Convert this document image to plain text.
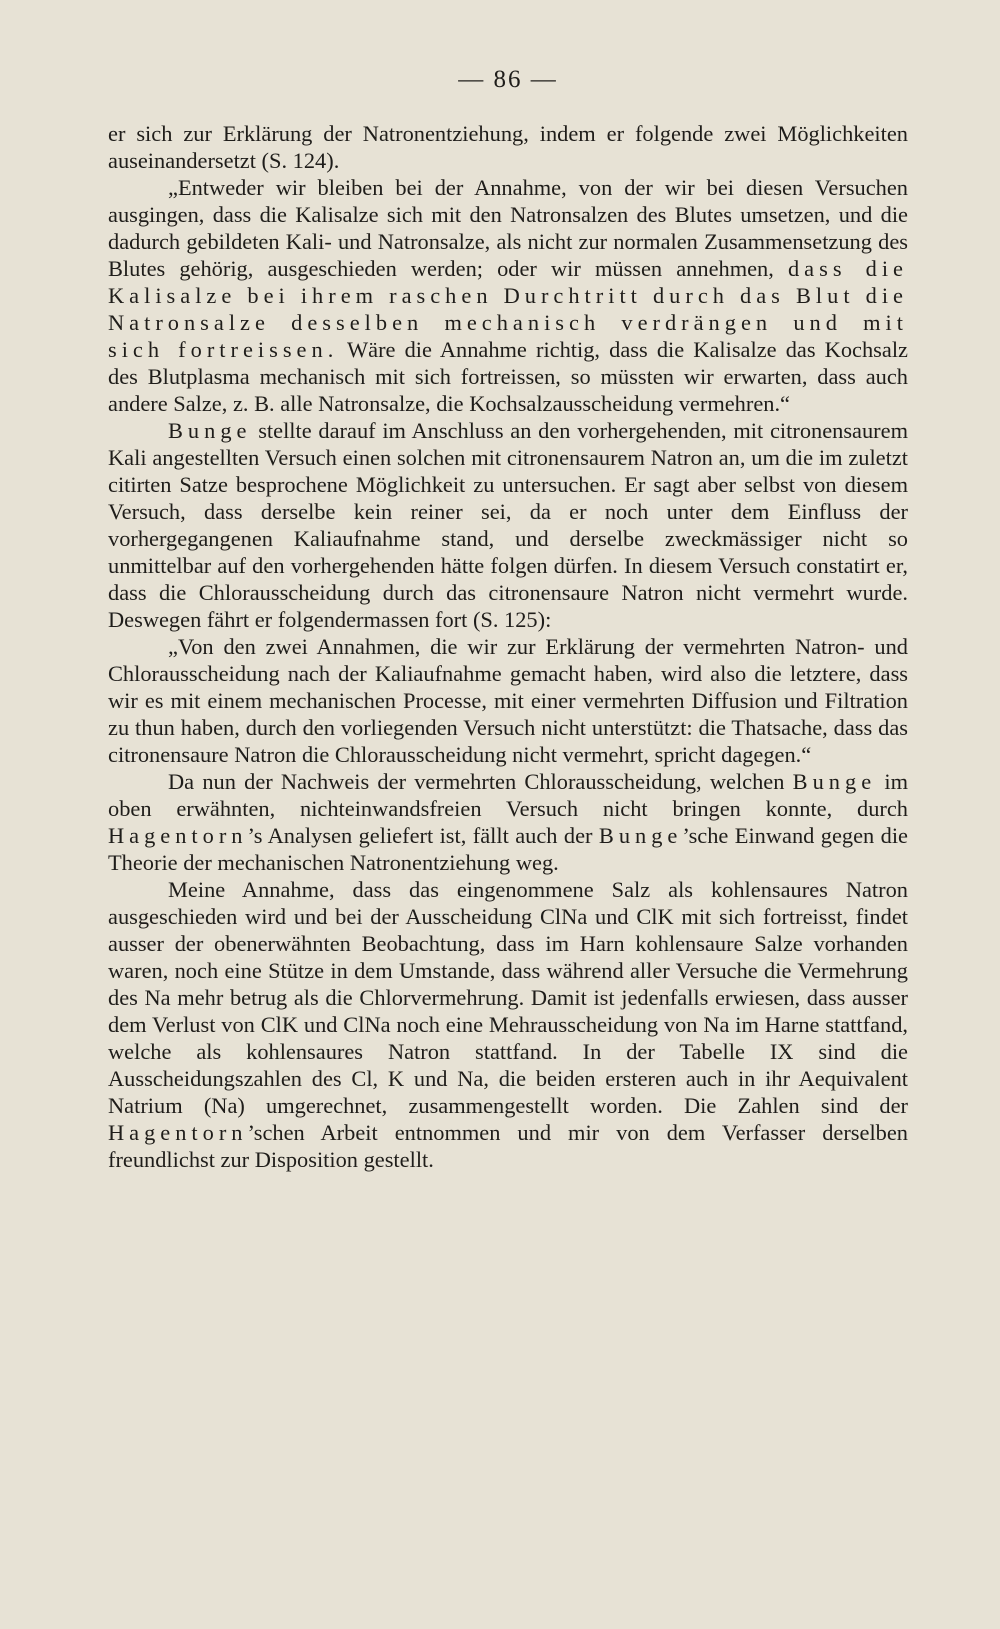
— 86 —

er sich zur Erklärung der Natronentziehung, indem er folgende zwei Möglichkeiten auseinandersetzt (S. 124).

„Entweder wir bleiben bei der Annahme, von der wir bei diesen Versuchen ausgingen, dass die Kalisalze sich mit den Natronsalzen des Blutes umsetzen, und die dadurch gebildeten Kali- und Natronsalze, als nicht zur normalen Zusammensetzung des Blutes gehörig, ausgeschieden werden; oder wir müssen annehmen, dass die Kalisalze bei ihrem raschen Durchtritt durch das Blut die Natronsalze desselben mechanisch verdrängen und mit sich fortreissen. Wäre die Annahme richtig, dass die Kalisalze das Kochsalz des Blutplasma mechanisch mit sich fortreissen, so müssten wir erwarten, dass auch andere Salze, z. B. alle Natronsalze, die Kochsalzausscheidung vermehren.“

Bunge stellte darauf im Anschluss an den vorhergehenden, mit citronensaurem Kali angestellten Versuch einen solchen mit citronensaurem Natron an, um die im zuletzt citirten Satze besprochene Möglichkeit zu untersuchen. Er sagt aber selbst von diesem Versuch, dass derselbe kein reiner sei, da er noch unter dem Einfluss der vorhergegangenen Kaliaufnahme stand, und derselbe zweckmässiger nicht so unmittelbar auf den vorhergehenden hätte folgen dürfen. In diesem Versuch constatirt er, dass die Chlorausscheidung durch das citronensaure Natron nicht vermehrt wurde. Deswegen fährt er folgendermassen fort (S. 125):

„Von den zwei Annahmen, die wir zur Erklärung der vermehrten Natron- und Chlorausscheidung nach der Kaliaufnahme gemacht haben, wird also die letztere, dass wir es mit einem mechanischen Processe, mit einer vermehrten Diffusion und Filtration zu thun haben, durch den vorliegenden Versuch nicht unterstützt: die Thatsache, dass das citronensaure Natron die Chlorausscheidung nicht vermehrt, spricht dagegen.“

Da nun der Nachweis der vermehrten Chlorausscheidung, welchen Bunge im oben erwähnten, nichteinwandsfreien Versuch nicht bringen konnte, durch Hagentorn’s Analysen geliefert ist, fällt auch der Bunge’sche Einwand gegen die Theorie der mechanischen Natronentziehung weg.

Meine Annahme, dass das eingenommene Salz als kohlensaures Natron ausgeschieden wird und bei der Ausscheidung ClNa und ClK mit sich fortreisst, findet ausser der obenerwähnten Beobachtung, dass im Harn kohlensaure Salze vorhanden waren, noch eine Stütze in dem Umstande, dass während aller Versuche die Vermehrung des Na mehr betrug als die Chlorvermehrung. Damit ist jedenfalls erwiesen, dass ausser dem Verlust von ClK und ClNa noch eine Mehrausscheidung von Na im Harne stattfand, welche als kohlensaures Natron stattfand. In der Tabelle IX sind die Ausscheidungszahlen des Cl, K und Na, die beiden ersteren auch in ihr Aequivalent Natrium (Na) umgerechnet, zusammengestellt worden. Die Zahlen sind der Hagentorn’schen Arbeit entnommen und mir von dem Verfasser derselben freundlichst zur Disposition gestellt.
